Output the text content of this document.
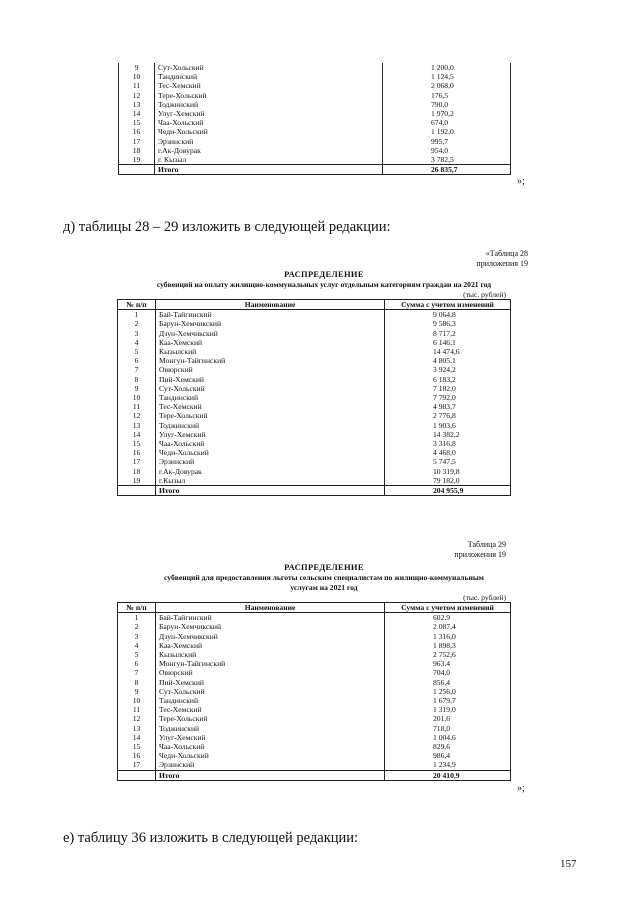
9	Сут-Хольский	1 200,0
10	Тандинский	1 124,5
11	Тес-Хемский	2 068,0
12	Тере-Хольский	176,5
13	Тоджинский	790,0
14	Улуг-Хемский	1 970,2
15	Чаа-Хольский	674,0
16	Чеди-Хольский	1 192,0
17	Эрзинский	995,7
18	г.Ак-Довурак	954,0
19	г. Кызыл	3 782,5
	Итого	26 835,7
»;
д) таблицы 28 – 29 изложить в следующей редакции:
«Таблица 28
приложения 19
РАСПРЕДЕЛЕНИЕ
субвенций на оплату жилищно-коммунальных услуг отдельным категориям граждан на 2021 год
(тыс. рублей)
№ п/п	Наименование	Сумма с учетом изменений
1	Бай-Тайгинский	9 064,8
2	Барун-Хемчикский	9 586,3
3	Дзун-Хемчикский	8 717,2
4	Каа-Хемский	6 146,1
5	Кызылский	14 474,6
6	Монгун-Тайгинский	4 805,1
7	Овюрский	3 924,2
8	Пий-Хемский	6 183,2
9	Сут-Хольский	7 182,0
10	Тандинский	7 792,0
11	Тес-Хемский	4 983,7
12	Тере-Хольский	2 776,8
13	Тоджинский	1 903,6
14	Улуг-Хемский	14 382,2
15	Чаа-Хольский	3 316,8
16	Чеди-Хольский	4 468,0
17	Эрзинский	5 747,5
18	г.Ак-Довурак	10 319,8
19	г.Кызыл	79 182,0
	Итого	204 955,9
Таблица 29
приложения 19
РАСПРЕДЕЛЕНИЕ
субвенций для предоставления льготы сельским специалистам по жилищно-коммунальным
услугам на 2021 год
(тыс. рублей)
№ п/п	Наименование	Сумма с учетом изменений
1	Бай-Тайгинский	602,9
2	Барун-Хемчикский	2 087,4
3	Дзун-Хемчикский	1 316,0
4	Каа-Хемский	1 898,3
5	Кызылский	2 752,6
6	Монгун-Тайгинский	963,4
7	Овюрский	704,0
8	Пий-Хемский	856,4
9	Сут-Хольский	1 256,0
10	Тандинский	1 679,7
11	Тес-Хемский	1 319,0
12	Тере-Хольский	201,6
13	Тоджинский	718,0
14	Улуг-Хемский	1 004,6
15	Чаа-Хольский	829,6
16	Чеди-Хольский	986,4
17	Эрзинский	1 234,9
	Итого	20 410,9
»;
е) таблицу 36 изложить в следующей редакции:
157
